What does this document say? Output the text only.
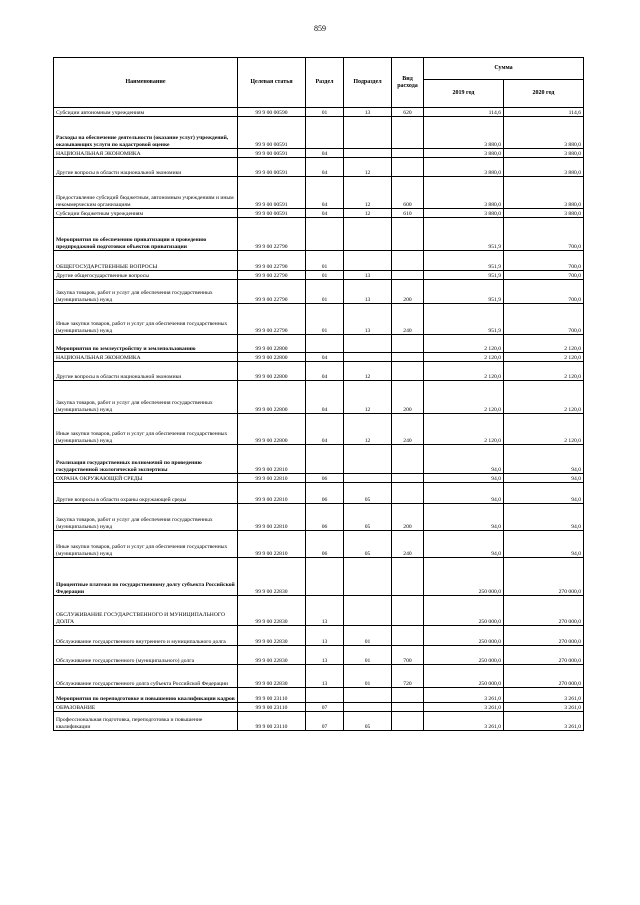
859
Наименование	Целевая статья	Раздел	Подраздел	Вид расхода	Сумма	
					2019 год	2020 год
Субсидии автономным учреждениям	99 9 00 00590	01	13	620	114,6	114,6
Расходы на обеспечение деятельности (оказание услуг) учреждений, оказывающих услуги по кадастровой оценке	99 9 00 00591				3 880,0	3 880,0
НАЦИОНАЛЬНАЯ ЭКОНОМИКА	99 9 00 00591	04			3 880,0	3 880,0
Другие вопросы в области национальной экономики	99 9 00 00591	04	12		3 880,0	3 880,0
Предоставление субсидий бюджетным, автономным учреждениям и иным некоммерческим организациям	99 9 00 00591	04	12	600	3 880,0	3 880,0
Субсидии бюджетным учреждениям	99 9 00 00591	04	12	610	3 880,0	3 880,0
Мероприятия по обеспечению приватизации и проведению предпродажной подготовки объектов приватизации	99 9 00 22790				951,9	700,0
ОБЩЕГОСУДАРСТВЕННЫЕ ВОПРОСЫ	99 9 00 22790	01			951,9	700,0
Другие общегосударственные вопросы	99 9 00 22790	01	13		951,9	700,0
Закупка товаров, работ и услуг для обеспечения государственных (муниципальных) нужд	99 9 00 22790	01	13	200	951,9	700,0
Иные закупки товаров, работ и услуг для обеспечения государственных (муниципальных) нужд	99 9 00 22790	01	13	240	951,9	700,0
Мероприятия по землеустройству и землепользованию	99 9 00 22800				2 120,0	2 120,0
НАЦИОНАЛЬНАЯ ЭКОНОМИКА	99 9 00 22800	04			2 120,0	2 120,0
Другие вопросы в области национальной экономики	99 9 00 22800	04	12		2 120,0	2 120,0
Закупка товаров, работ и услуг для обеспечения государственных (муниципальных) нужд	99 9 00 22800	04	12	200	2 120,0	2 120,0
Иные закупки товаров, работ и услуг для обеспечения государственных (муниципальных) нужд	99 9 00 22800	04	12	240	2 120,0	2 120,0
Реализация государственных полномочий по проведению государственной экологической экспертизы	99 9 00 22810				94,0	94,0
ОХРАНА ОКРУЖАЮЩЕЙ СРЕДЫ	99 9 00 22810	06			94,0	94,0
Другие вопросы в области охраны окружающей среды	99 9 00 22810	06	05		94,0	94,0
Закупка товаров, работ и услуг для обеспечения государственных (муниципальных) нужд	99 9 00 22810	06	05	200	94,0	94,0
Иные закупки товаров, работ и услуг для обеспечения государственных (муниципальных) нужд	99 9 00 22810	06	05	240	94,0	94,0
Процентные платежи по государственному долгу субъекта Российской Федерации	99 9 00 22830				250 000,0	270 000,0
ОБСЛУЖИВАНИЕ ГОСУДАРСТВЕННОГО И МУНИЦИПАЛЬНОГО ДОЛГА	99 9 00 22830	13			250 000,0	270 000,0
Обслуживание государственного внутреннего и муниципального долга	99 9 00 22830	13	01		250 000,0	270 000,0
Обслуживание государственного (муниципального) долга	99 9 00 22830	13	01	700	250 000,0	270 000,0
Обслуживание государственного долга субъекта Российской Федерации	99 9 00 22830	13	01	720	250 000,0	270 000,0
Мероприятия по переподготовке и повышению квалификации кадров	99 9 00 23110				3 261,0	3 261,0
ОБРАЗОВАНИЕ	99 9 00 23110	07			3 261,0	3 261,0
Профессиональная подготовка, переподготовка и повышение квалификации	99 9 00 23110	07	05		3 261,0	3 261,0
